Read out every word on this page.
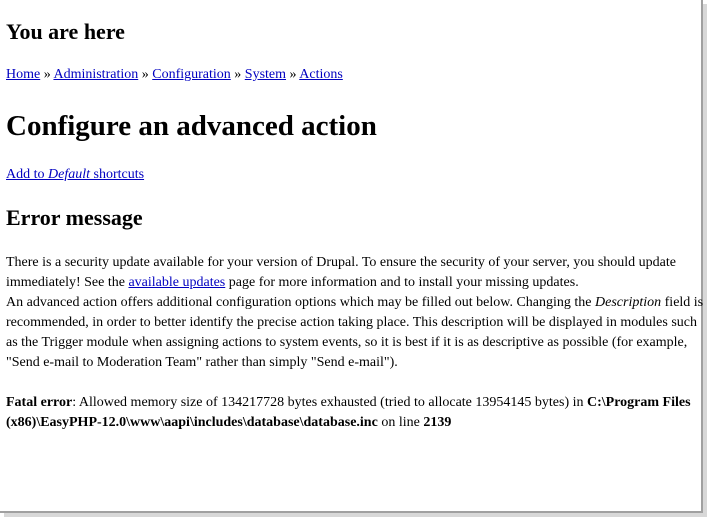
You are here
Home » Administration » Configuration » System » Actions
Configure an advanced action
Add to Default shortcuts
Error message

There is a security update available for your version of Drupal. To ensure the security of your server, you should update immediately! See the available updates page for more information and to install your missing updates.

An advanced action offers additional configuration options which may be filled out below. Changing the Description field is recommended, in order to better identify the precise action taking place. This description will be displayed in modules such as the Trigger module when assigning actions to system events, so it is best if it is as descriptive as possible (for example, "Send e-mail to Moderation Team" rather than simply "Send e-mail").

Fatal error: Allowed memory size of 134217728 bytes exhausted (tried to allocate 13954145 bytes) in C:\Program Files (x86)\EasyPHP-12.0\www\aapi\includes\database\database.inc on line 2139
